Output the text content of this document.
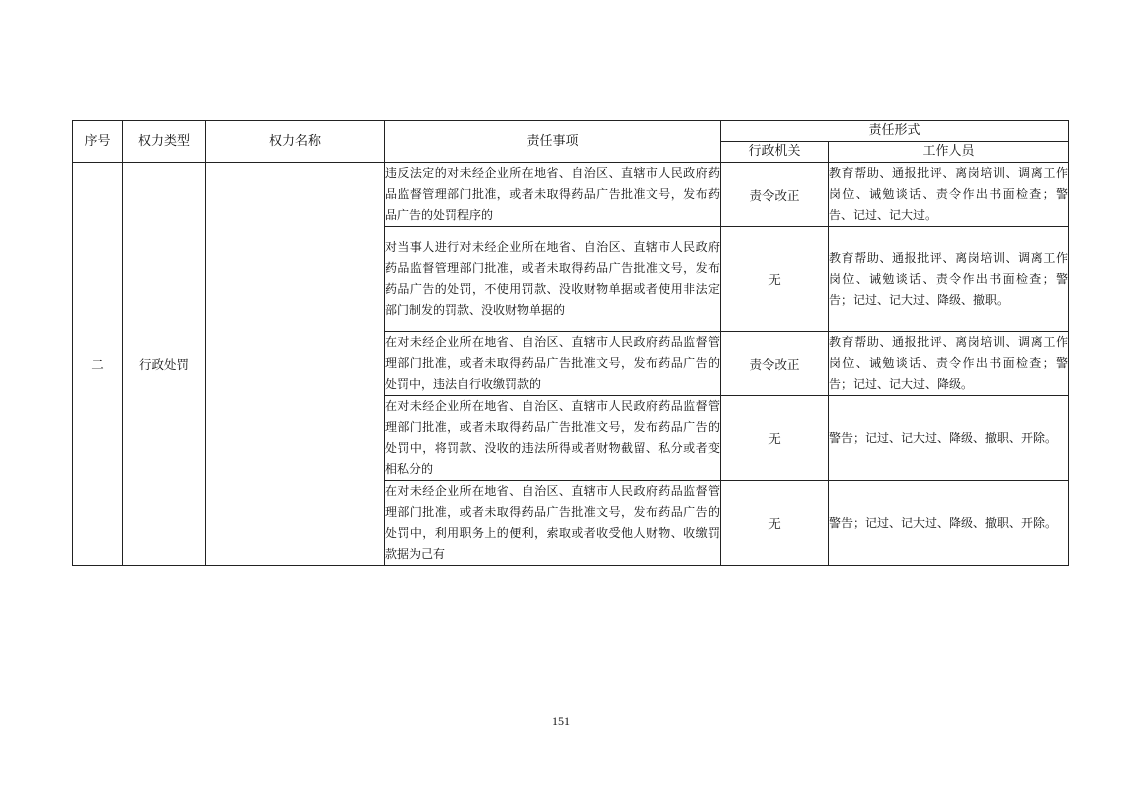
序号	权力类型	权力名称	责任事项	责任形式	
				行政机关	工作人员
二	行政处罚		违反法定的对未经企业所在地省、自治区、直辖市人民政府药品监督管理部门批准，或者未取得药品广告批准文号，发布药品广告的处罚程序的	责令改正	教育帮助、通报批评、离岗培训、调离工作岗位、诫勉谈话、责令作出书面检查；警告、记过、记大过。
			对当事人进行对未经企业所在地省、自治区、直辖市人民政府药品监督管理部门批准，或者未取得药品广告批准文号，发布药品广告的处罚，不使用罚款、没收财物单据或者使用非法定部门制发的罚款、没收财物单据的	无	教育帮助、通报批评、离岗培训、调离工作岗位、诫勉谈话、责令作出书面检查；警告；记过、记大过、降级、撤职。
			在对未经企业所在地省、自治区、直辖市人民政府药品监督管理部门批准，或者未取得药品广告批准文号，发布药品广告的处罚中，违法自行收缴罚款的	责令改正	教育帮助、通报批评、离岗培训、调离工作岗位、诫勉谈话、责令作出书面检查；警告；记过、记大过、降级。
			在对未经企业所在地省、自治区、直辖市人民政府药品监督管理部门批准，或者未取得药品广告批准文号，发布药品广告的处罚中，将罚款、没收的违法所得或者财物截留、私分或者变相私分的	无	警告；记过、记大过、降级、撤职、开除。
			在对未经企业所在地省、自治区、直辖市人民政府药品监督管理部门批准，或者未取得药品广告批准文号，发布药品广告的处罚中，利用职务上的便利，索取或者收受他人财物、收缴罚款据为己有	无	警告；记过、记大过、降级、撤职、开除。
151
